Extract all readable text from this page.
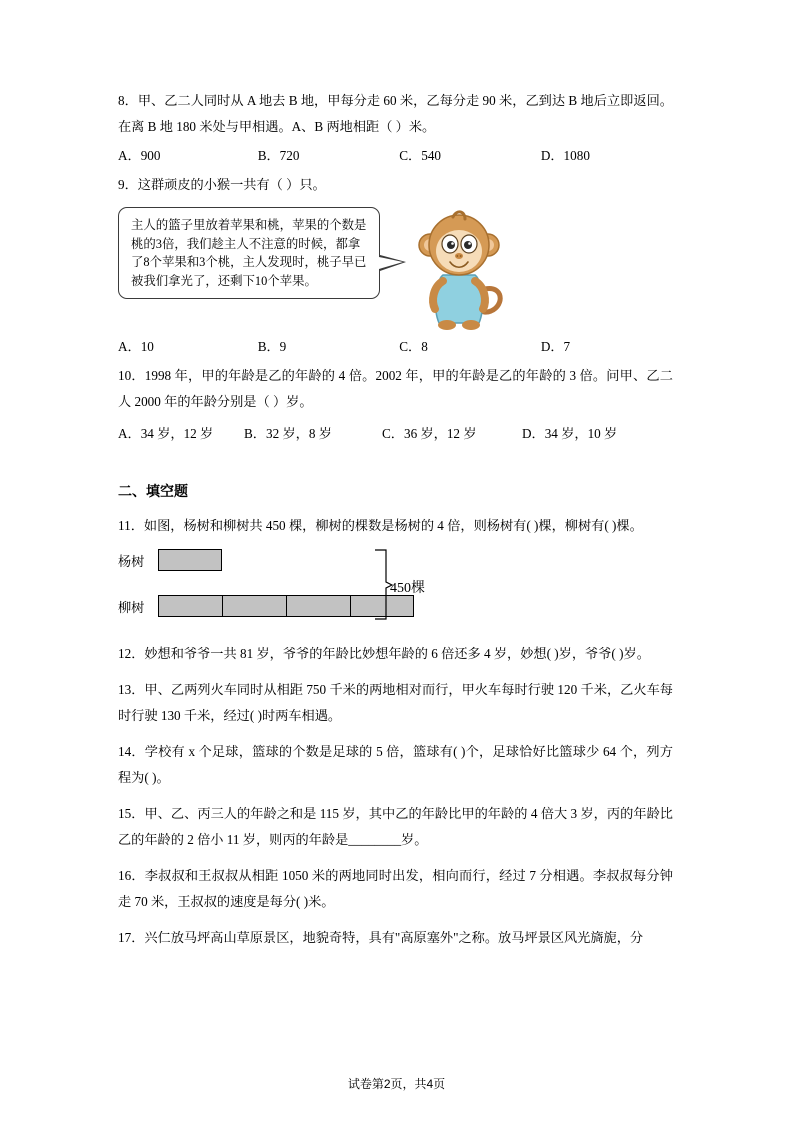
8．甲、乙二人同时从 A 地去 B 地，甲每分走 60 米，乙每分走 90 米，乙到达 B 地后立即返回。在离 B 地 180 米处与甲相遇。A、B 两地相距（ ）米。
A．900	B．720	C．540	D．1080
9．这群顽皮的小猴一共有（ ）只。
主人的篮子里放着苹果和桃，苹果的个数是桃的3倍，我们趁主人不注意的时候，都拿了8个苹果和3个桃，主人发现时，桃子早已被我们拿光了，还剩下10个苹果。
A．10	B．9	C．8	D．7
10．1998 年，甲的年龄是乙的年龄的 4 倍。2002 年，甲的年龄是乙的年龄的 3 倍。问甲、乙二人 2000 年的年龄分别是（ ）岁。
A．34 岁，12 岁	B．32 岁，8 岁	C．36 岁，12 岁	D．34 岁，10 岁
二、填空题
11．如图，杨树和柳树共 450 棵，柳树的棵数是杨树的 4 倍，则杨树有( )棵，柳树有( )棵。
杨树
柳树
450棵
12．妙想和爷爷一共 81 岁，爷爷的年龄比妙想年龄的 6 倍还多 4 岁，妙想( )岁，爷爷( )岁。
13．甲、乙两列火车同时从相距 750 千米的两地相对而行，甲火车每时行驶 120 千米，乙火车每时行驶 130 千米，经过( )时两车相遇。
14．学校有 x 个足球，篮球的个数是足球的 5 倍，篮球有( )个，足球恰好比篮球少 64 个，列方程为( )。
15．甲、乙、丙三人的年龄之和是 115 岁，其中乙的年龄比甲的年龄的 4 倍大 3 岁，丙的年龄比乙的年龄的 2 倍小 11 岁，则丙的年龄是________岁。
16．李叔叔和王叔叔从相距 1050 米的两地同时出发，相向而行，经过 7 分相遇。李叔叔每分钟走 70 米，王叔叔的速度是每分( )米。
17．兴仁放马坪高山草原景区，地貌奇特，具有"高原塞外"之称。放马坪景区风光旖旎，分
试卷第2页，共4页
